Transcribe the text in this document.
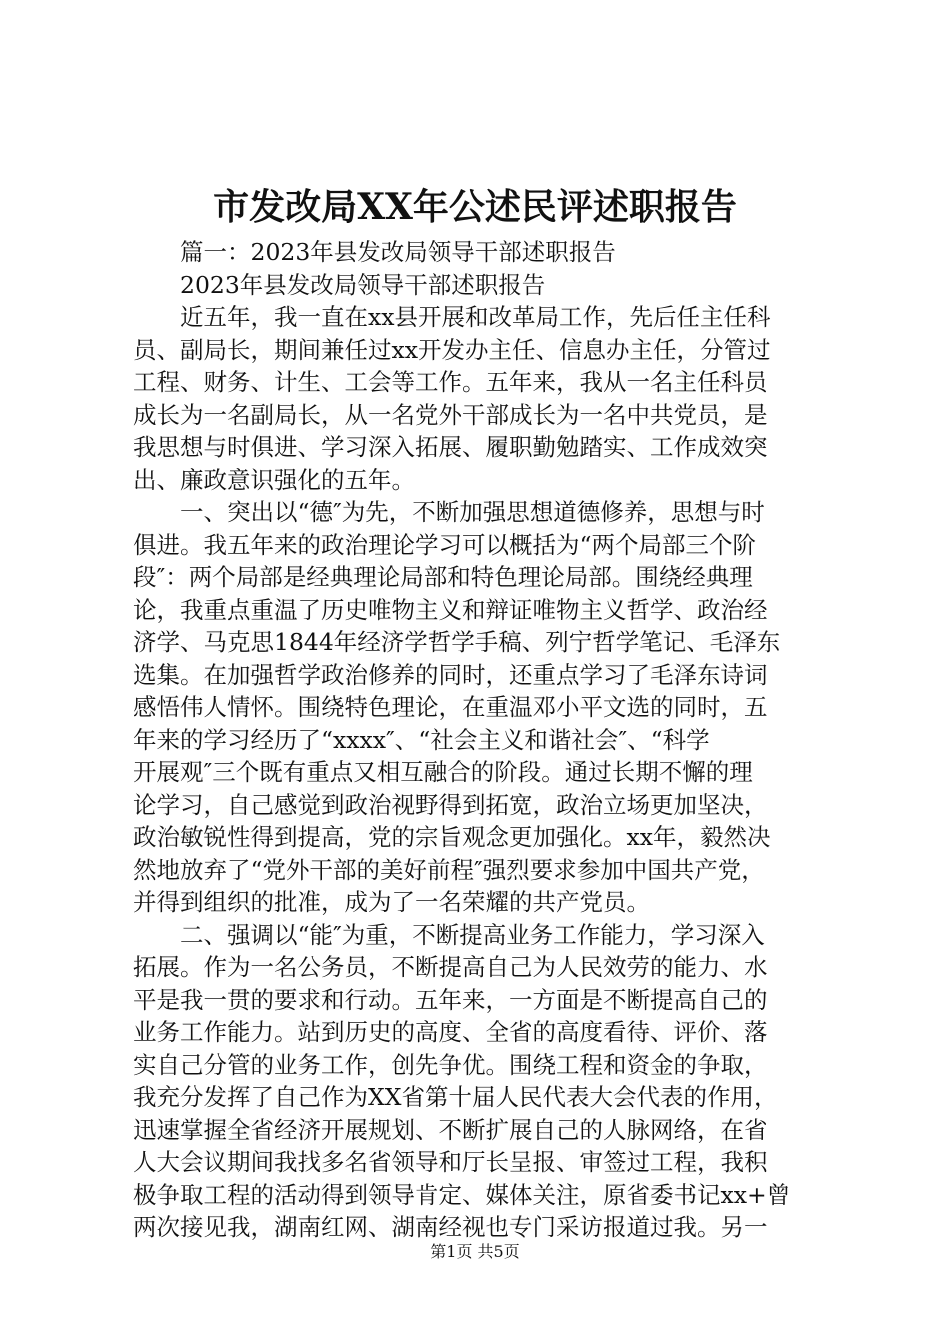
市发改局XX年公述民评述职报告
篇一：2023年县发改局领导干部述职报告
2023年县发改局领导干部述职报告
近五年，我一直在xx县开展和改革局工作，先后任主任科
员、副局长，期间兼任过xx开发办主任、信息办主任，分管过
工程、财务、计生、工会等工作。五年来，我从一名主任科员
成长为一名副局长，从一名党外干部成长为一名中共党员，是
我思想与时俱进、学习深入拓展、履职勤勉踏实、工作成效突
出、廉政意识强化的五年。
一、突出以“德″为先，不断加强思想道德修养，思想与时
俱进。我五年来的政治理论学习可以概括为“两个局部三个阶
段″：两个局部是经典理论局部和特色理论局部。围绕经典理
论，我重点重温了历史唯物主义和辩证唯物主义哲学、政治经
济学、马克思1844年经济学哲学手稿、列宁哲学笔记、毛泽东
选集。在加强哲学政治修养的同时，还重点学习了毛泽东诗词
感悟伟人情怀。围绕特色理论，在重温邓小平文选的同时，五
年来的学习经历了“xxxx″、“社会主义和谐社会″、“科学
开展观″三个既有重点又相互融合的阶段。通过长期不懈的理
论学习，自己感觉到政治视野得到拓宽，政治立场更加坚决，
政治敏锐性得到提高，党的宗旨观念更加强化。xx年，毅然决
然地放弃了“党外干部的美好前程″强烈要求参加中国共产党，
并得到组织的批准，成为了一名荣耀的共产党员。
二、强调以“能″为重，不断提高业务工作能力，学习深入
拓展。作为一名公务员，不断提高自己为人民效劳的能力、水
平是我一贯的要求和行动。五年来，一方面是不断提高自己的
业务工作能力。站到历史的高度、全省的高度看待、评价、落
实自己分管的业务工作，创先争优。围绕工程和资金的争取，
我充分发挥了自己作为XX省第十届人民代表大会代表的作用，
迅速掌握全省经济开展规划、不断扩展自己的人脉网络，在省
人大会议期间我找多名省领导和厅长呈报、审签过工程，我积
极争取工程的活动得到领导肯定、媒体关注，原省委书记xx+曾
两次接见我，湖南红网、湖南经视也专门采访报道过我。另一
第1页 共5页
